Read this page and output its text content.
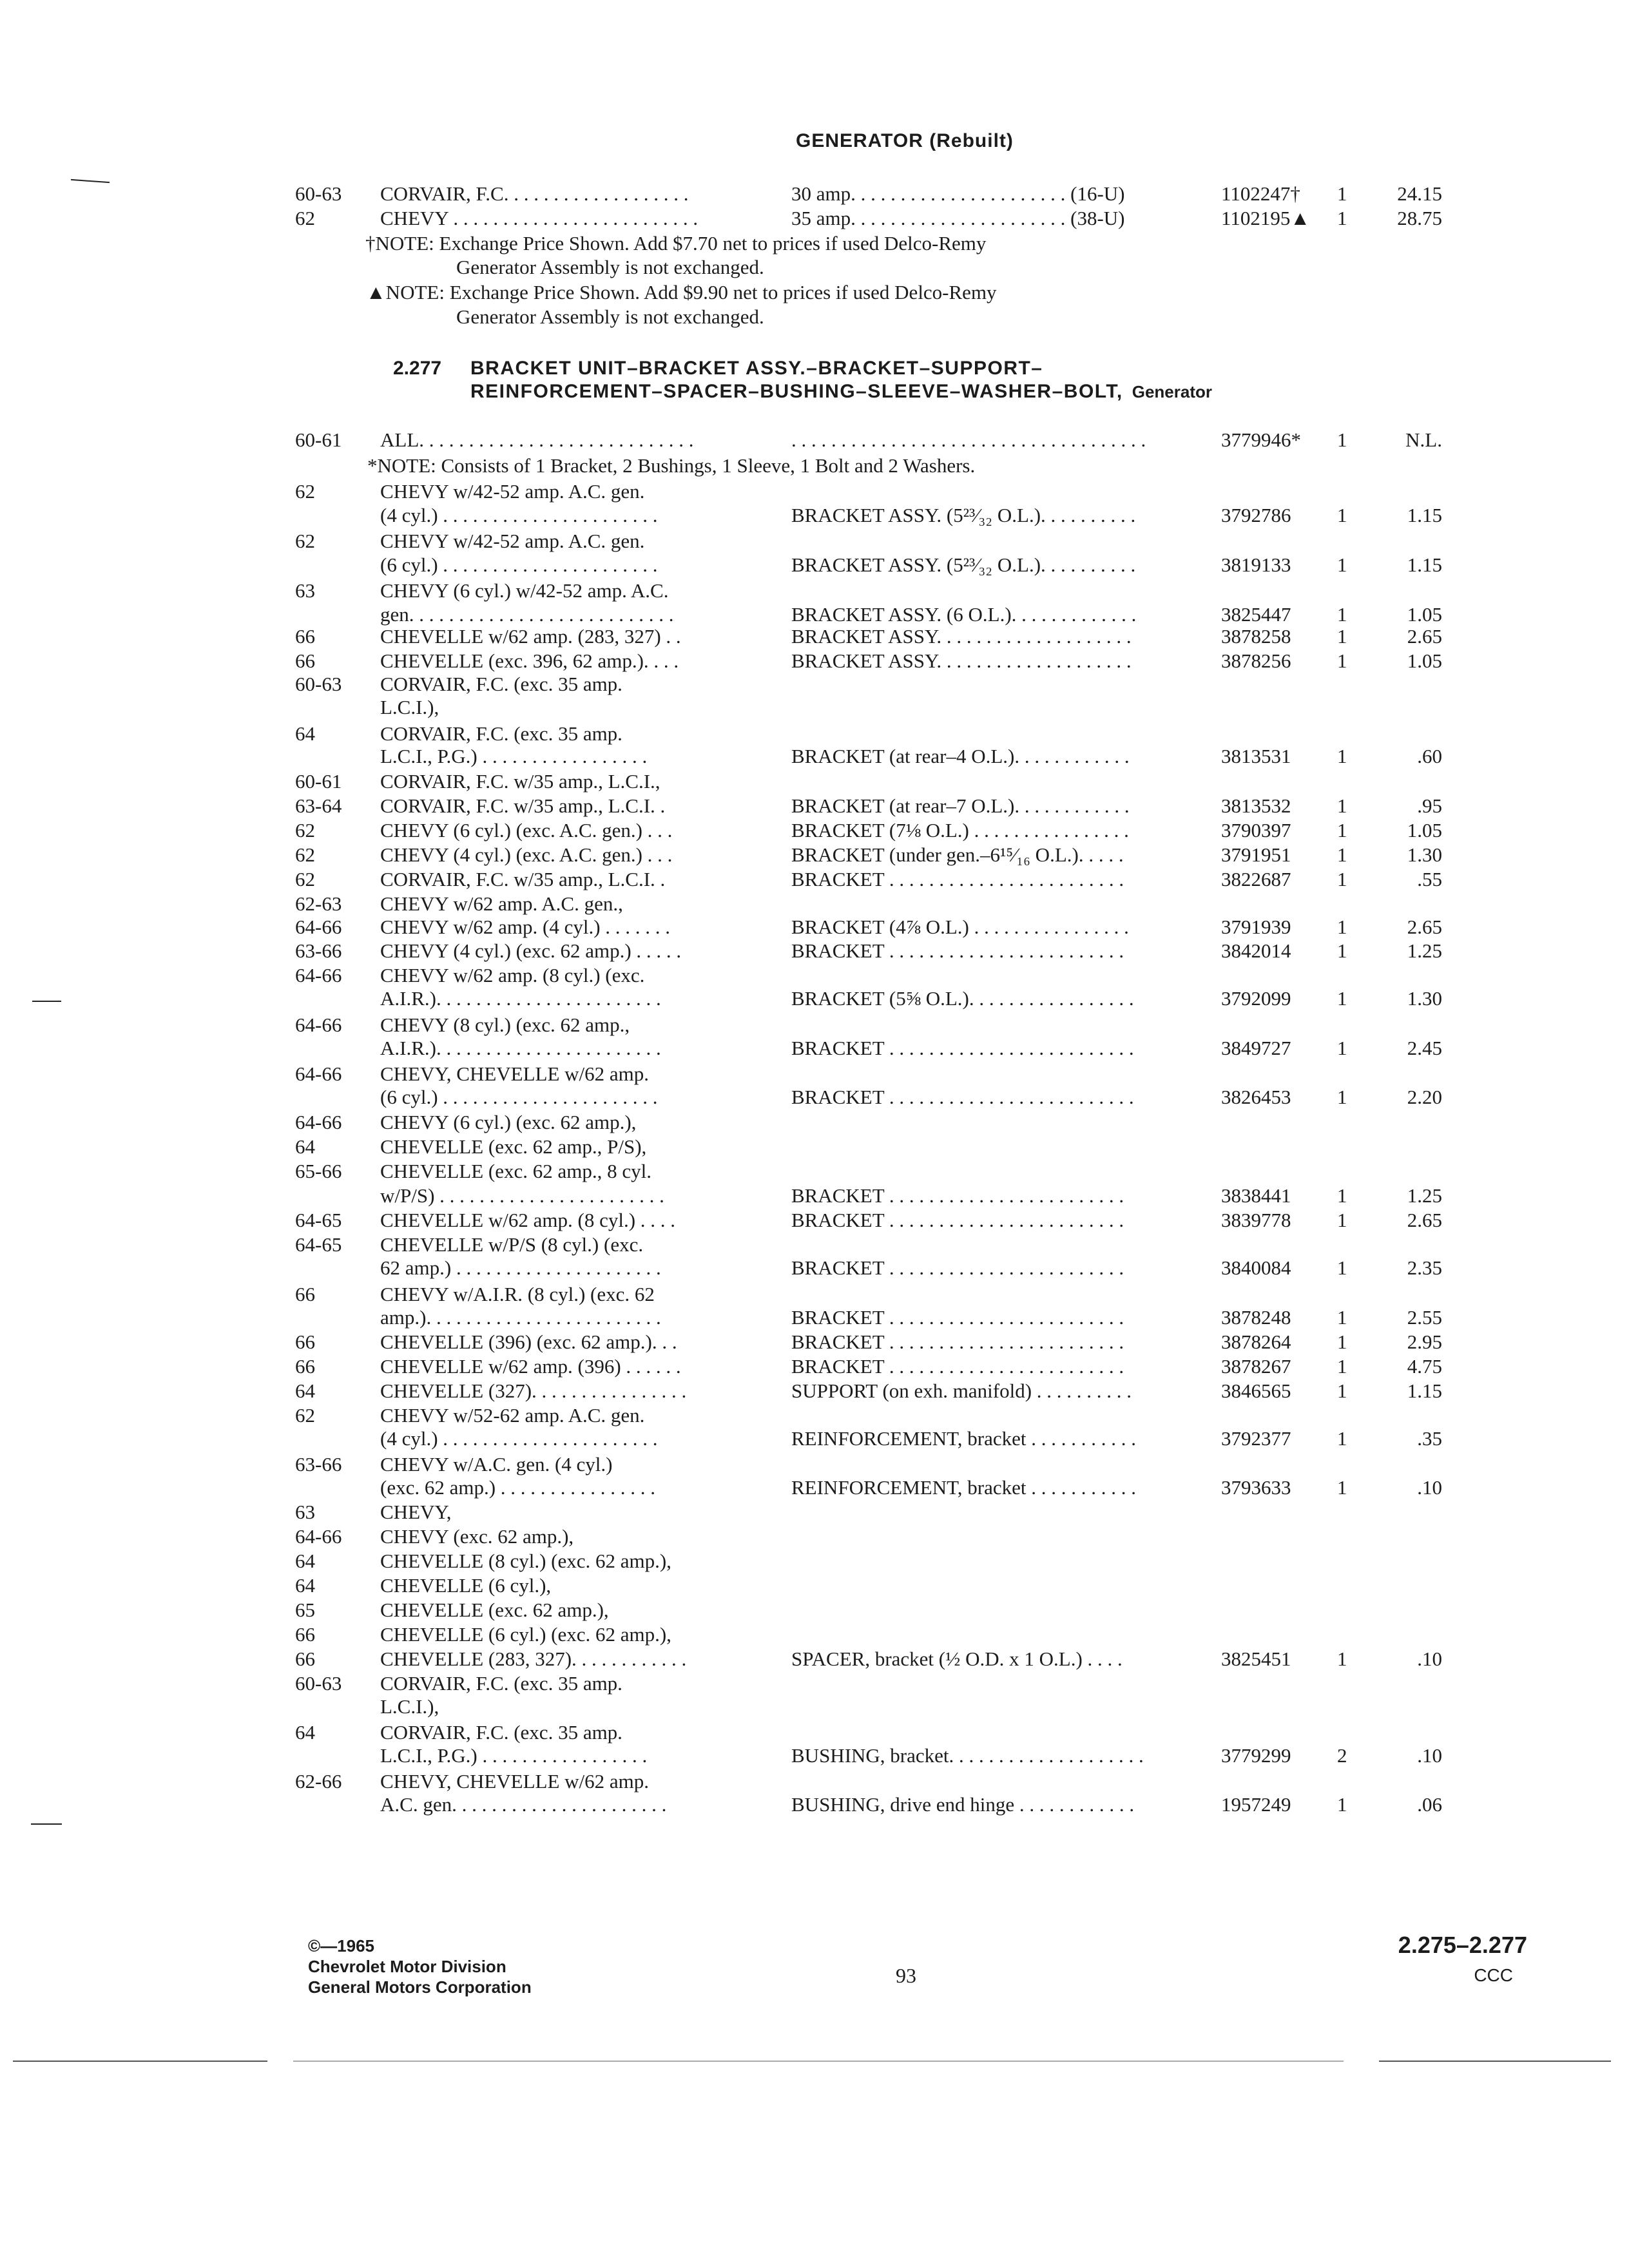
GENERATOR (Rebuilt)
60-63 CORVAIR, F.C. . . . . . . . . . . . . . . . . . .	30 amp. . . . . . . . . . . . . . . . . . . . . . (16-U)	1102247† 1	24.15
62	CHEVY . . . . . . . . . . . . . . . . . . . . . . . . .	35 amp. . . . . . . . . . . . . . . . . . . . . . (38-U)	1102195▲ 1	28.75
†NOTE: Exchange Price Shown. Add $7.70 net to prices if used Delco-Remy
Generator Assembly is not exchanged.
▲NOTE: Exchange Price Shown. Add $9.90 net to prices if used Delco-Remy
Generator Assembly is not exchanged.
2.277 BRACKET UNIT–BRACKET ASSY.–BRACKET–SUPPORT–
REINFORCEMENT–SPACER–BUSHING–SLEEVE–WASHER–BOLT, Generator
60-61 ALL. . . . . . . . . . . . . . . . . . . . . . . . . . . .	. . . . . . . . . . . . . . . . . . . . . . . . . . . . . . . . . . . .	3779946* 1	N.L.
62	CHEVY w/42-52 amp. A.C. gen.
(4 cyl.) . . . . . . . . . . . . . . . . . . . . . .	BRACKET ASSY. (5²³⁄₃₂ O.L.). . . . . . . . . .	3792786 1	1.15
62	CHEVY w/42-52 amp. A.C. gen.
(6 cyl.) . . . . . . . . . . . . . . . . . . . . . .	BRACKET ASSY. (5²³⁄₃₂ O.L.). . . . . . . . . .	3819133 1	1.15
63	CHEVY (6 cyl.) w/42-52 amp. A.C.
gen. . . . . . . . . . . . . . . . . . . . . . . . . . .	BRACKET ASSY. (6 O.L.). . . . . . . . . . . . .	3825447 1	1.05
66	CHEVELLE w/62 amp. (283, 327) . .	BRACKET ASSY. . . . . . . . . . . . . . . . . . . .	3878258 1	2.65
66	CHEVELLE (exc. 396, 62 amp.). . . .	BRACKET ASSY. . . . . . . . . . . . . . . . . . . .	3878256 1	1.05
60-63 CORVAIR, F.C. (exc. 35 amp.
L.C.I.),
64	CORVAIR, F.C. (exc. 35 amp.
L.C.I., P.G.) . . . . . . . . . . . . . . . . .	BRACKET (at rear–4 O.L.). . . . . . . . . . . .	3813531 1	.60
60-61 CORVAIR, F.C. w/35 amp., L.C.I.,
63-64 CORVAIR, F.C. w/35 amp., L.C.I. .	BRACKET (at rear–7 O.L.). . . . . . . . . . . .	3813532 1	.95
62	CHEVY (6 cyl.) (exc. A.C. gen.) . . .	BRACKET (7⅛ O.L.) . . . . . . . . . . . . . . . .	3790397 1	1.05
62	CHEVY (4 cyl.) (exc. A.C. gen.) . . .	BRACKET (under gen.–6¹⁵⁄₁₆ O.L.). . . . .	3791951 1	1.30
62	CORVAIR, F.C. w/35 amp., L.C.I. .	BRACKET . . . . . . . . . . . . . . . . . . . . . . . .	3822687 1	.55
62-63 CHEVY w/62 amp. A.C. gen.,
64-66 CHEVY w/62 amp. (4 cyl.) . . . . . . .	BRACKET (4⅞ O.L.) . . . . . . . . . . . . . . . .	3791939 1	2.65
63-66 CHEVY (4 cyl.) (exc. 62 amp.) . . . . .	BRACKET . . . . . . . . . . . . . . . . . . . . . . . .	3842014 1	1.25
64-66 CHEVY w/62 amp. (8 cyl.) (exc.
A.I.R.). . . . . . . . . . . . . . . . . . . . . . .	BRACKET (5⅝ O.L.). . . . . . . . . . . . . . . . .	3792099 1	1.30
64-66 CHEVY (8 cyl.) (exc. 62 amp.,
A.I.R.). . . . . . . . . . . . . . . . . . . . . . .	BRACKET . . . . . . . . . . . . . . . . . . . . . . . . .	3849727 1	2.45
64-66 CHEVY, CHEVELLE w/62 amp.
(6 cyl.) . . . . . . . . . . . . . . . . . . . . . .	BRACKET . . . . . . . . . . . . . . . . . . . . . . . . .	3826453 1	2.20
64-66 CHEVY (6 cyl.) (exc. 62 amp.),
64	CHEVELLE (exc. 62 amp., P/S),
65-66 CHEVELLE (exc. 62 amp., 8 cyl.
w/P/S) . . . . . . . . . . . . . . . . . . . . . . .	BRACKET . . . . . . . . . . . . . . . . . . . . . . . .	3838441 1	1.25
64-65 CHEVELLE w/62 amp. (8 cyl.) . . . .	BRACKET . . . . . . . . . . . . . . . . . . . . . . . .	3839778 1	2.65
64-65 CHEVELLE w/P/S (8 cyl.) (exc.
62 amp.) . . . . . . . . . . . . . . . . . . . . .	BRACKET . . . . . . . . . . . . . . . . . . . . . . . .	3840084 1	2.35
66	CHEVY w/A.I.R. (8 cyl.) (exc. 62
amp.). . . . . . . . . . . . . . . . . . . . . . . .	BRACKET . . . . . . . . . . . . . . . . . . . . . . . .	3878248 1	2.55
66	CHEVELLE (396) (exc. 62 amp.). . .	BRACKET . . . . . . . . . . . . . . . . . . . . . . . .	3878264 1	2.95
66	CHEVELLE w/62 amp. (396) . . . . . .	BRACKET . . . . . . . . . . . . . . . . . . . . . . . .	3878267 1	4.75
64	CHEVELLE (327). . . . . . . . . . . . . . . .	SUPPORT (on exh. manifold) . . . . . . . . . .	3846565 1	1.15
62	CHEVY w/52-62 amp. A.C. gen.
(4 cyl.) . . . . . . . . . . . . . . . . . . . . . .	REINFORCEMENT, bracket . . . . . . . . . . .	3792377 1	.35
63-66 CHEVY w/A.C. gen. (4 cyl.)
(exc. 62 amp.) . . . . . . . . . . . . . . . .	REINFORCEMENT, bracket . . . . . . . . . . .	3793633 1	.10
63	CHEVY,
64-66 CHEVY (exc. 62 amp.),
64	CHEVELLE (8 cyl.) (exc. 62 amp.),
64	CHEVELLE (6 cyl.),
65	CHEVELLE (exc. 62 amp.),
66	CHEVELLE (6 cyl.) (exc. 62 amp.),
66	CHEVELLE (283, 327). . . . . . . . . . . .	SPACER, bracket (½ O.D. x 1 O.L.) . . . .	3825451 1	.10
60-63 CORVAIR, F.C. (exc. 35 amp.
L.C.I.),
64	CORVAIR, F.C. (exc. 35 amp.
L.C.I., P.G.) . . . . . . . . . . . . . . . . .	BUSHING, bracket. . . . . . . . . . . . . . . . . . . .	3779299 2	.10
62-66 CHEVY, CHEVELLE w/62 amp.
A.C. gen. . . . . . . . . . . . . . . . . . . . . .	BUSHING, drive end hinge . . . . . . . . . . . .	1957249 1	.06
*NOTE: Consists of 1 Bracket, 2 Bushings, 1 Sleeve, 1 Bolt and 2 Washers.
©—1965
Chevrolet Motor Division
General Motors Corporation	93
2.275–2.277
CCC
